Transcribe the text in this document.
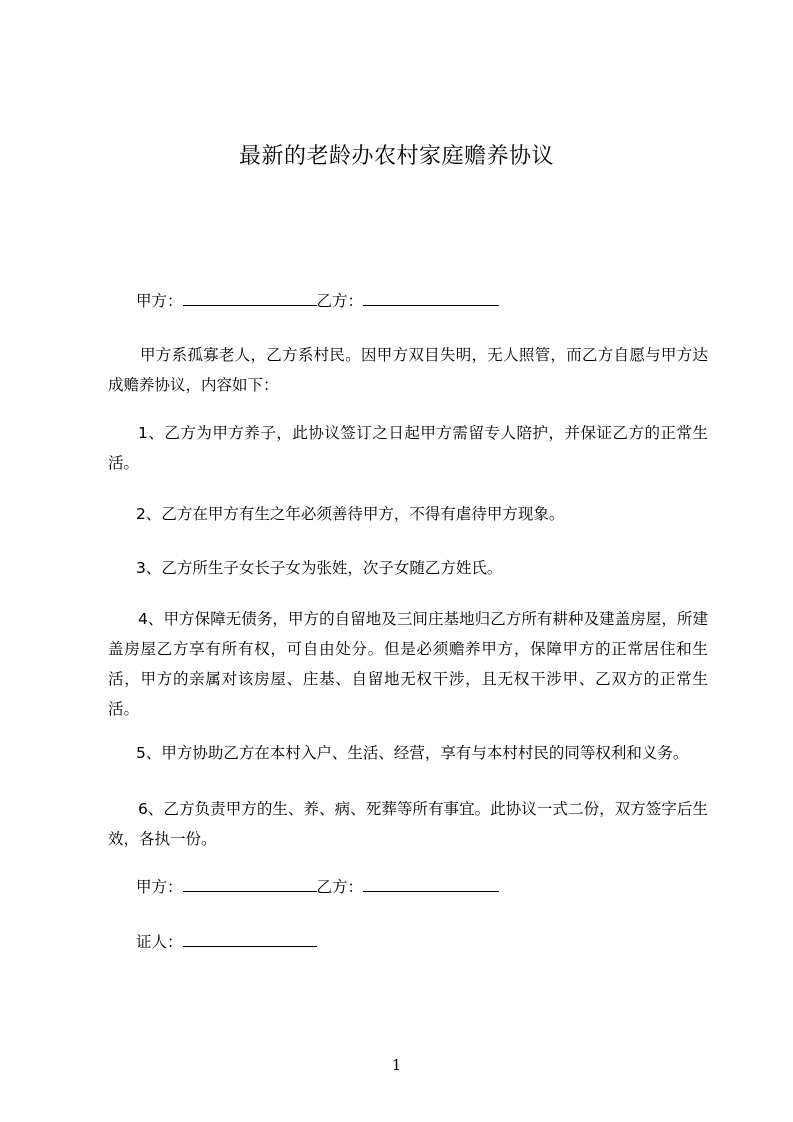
最新的老龄办农村家庭赡养协议
甲方：	乙方：
甲方系孤寡老人，乙方系村民。因甲方双目失明，无人照管，而乙方自愿与甲方达成赡养协议，内容如下：
1、乙方为甲方养子，此协议签订之日起甲方需留专人陪护，并保证乙方的正常生活。
2、乙方在甲方有生之年必须善待甲方，不得有虐待甲方现象。
3、乙方所生子女长子女为张姓，次子女随乙方姓氏。
4、甲方保障无债务，甲方的自留地及三间庄基地归乙方所有耕种及建盖房屋，所建盖房屋乙方享有所有权，可自由处分。但是必须赡养甲方，保障甲方的正常居住和生活，甲方的亲属对该房屋、庄基、自留地无权干涉，且无权干涉甲、乙双方的正常生活。
5、甲方协助乙方在本村入户、生活、经营，享有与本村村民的同等权利和义务。
6、乙方负责甲方的生、养、病、死葬等所有事宜。此协议一式二份，双方签字后生效，各执一份。
甲方：	乙方：
证人：
1
